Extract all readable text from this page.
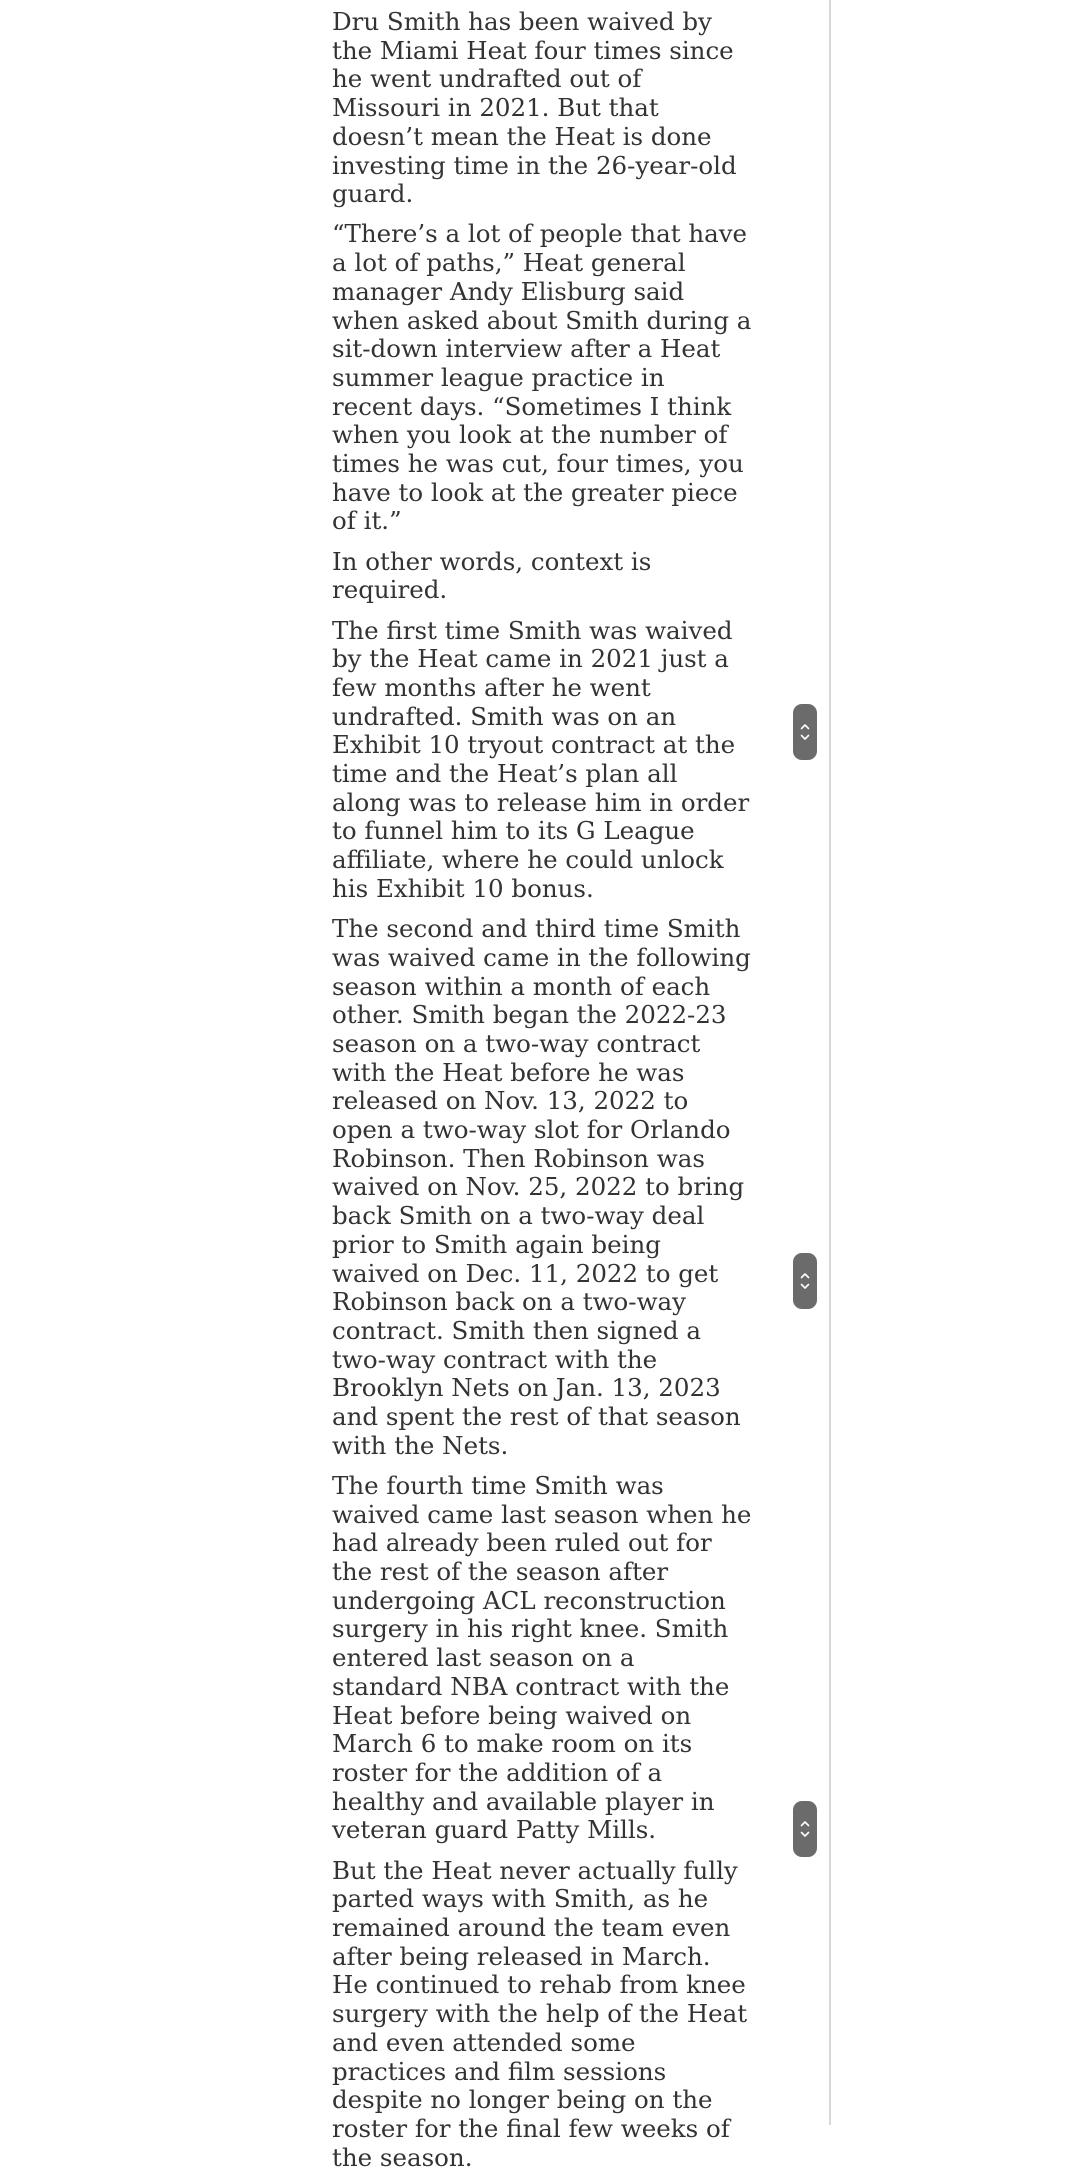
Dru Smith has been waived by the Miami Heat four times since he went undrafted out of Missouri in 2021. But that doesn’t mean the Heat is done investing time in the 26-year-old guard.

“There’s a lot of people that have a lot of paths,” Heat general manager Andy Elisburg said when asked about Smith during a sit-down interview after a Heat summer league practice in recent days. “Sometimes I think when you look at the number of times he was cut, four times, you have to look at the greater piece of it.”

In other words, context is required.

The first time Smith was waived by the Heat came in 2021 just a few months after he went undrafted. Smith was on an Exhibit 10 tryout contract at the time and the Heat’s plan all along was to release him in order to funnel him to its G League affiliate, where he could unlock his Exhibit 10 bonus.

The second and third time Smith was waived came in the following season within a month of each other. Smith began the 2022-23 season on a two-way contract with the Heat before he was released on Nov. 13, 2022 to open a two-way slot for Orlando Robinson. Then Robinson was waived on Nov. 25, 2022 to bring back Smith on a two-way deal prior to Smith again being waived on Dec. 11, 2022 to get Robinson back on a two-way contract. Smith then signed a two-way contract with the Brooklyn Nets on Jan. 13, 2023 and spent the rest of that season with the Nets.

The fourth time Smith was waived came last season when he had already been ruled out for the rest of the season after undergoing ACL reconstruction surgery in his right knee. Smith entered last season on a standard NBA contract with the Heat before being waived on March 6 to make room on its roster for the addition of a healthy and available player in veteran guard Patty Mills.

But the Heat never actually fully parted ways with Smith, as he remained around the team even after being released in March. He continued to rehab from knee surgery with the help of the Heat and even attended some practices and film sessions despite no longer being on the roster for the final few weeks of the season.
